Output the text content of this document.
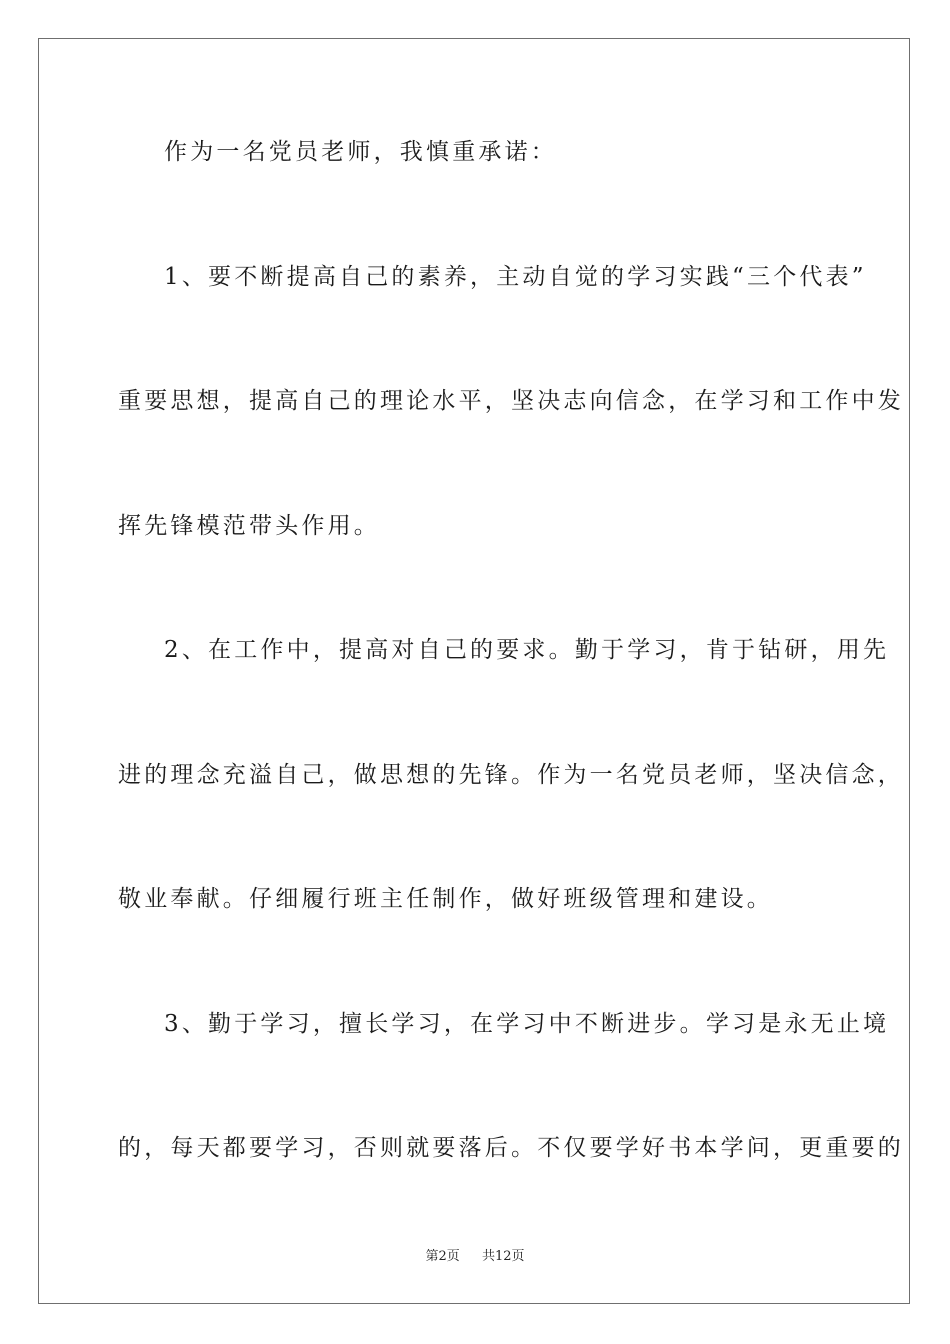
作为一名党员老师，我慎重承诺：
1、要不断提高自己的素养，主动自觉的学习实践“三个代表”
重要思想，提高自己的理论水平，坚决志向信念，在学习和工作中发
挥先锋模范带头作用。
2、在工作中，提高对自己的要求。勤于学习，肯于钻研，用先
进的理念充溢自己，做思想的先锋。作为一名党员老师，坚决信念，
敬业奉献。仔细履行班主任制作，做好班级管理和建设。
3、勤于学习，擅长学习，在学习中不断进步。学习是永无止境
的，每天都要学习，否则就要落后。不仅要学好书本学问，更重要的
第2页 共12页
